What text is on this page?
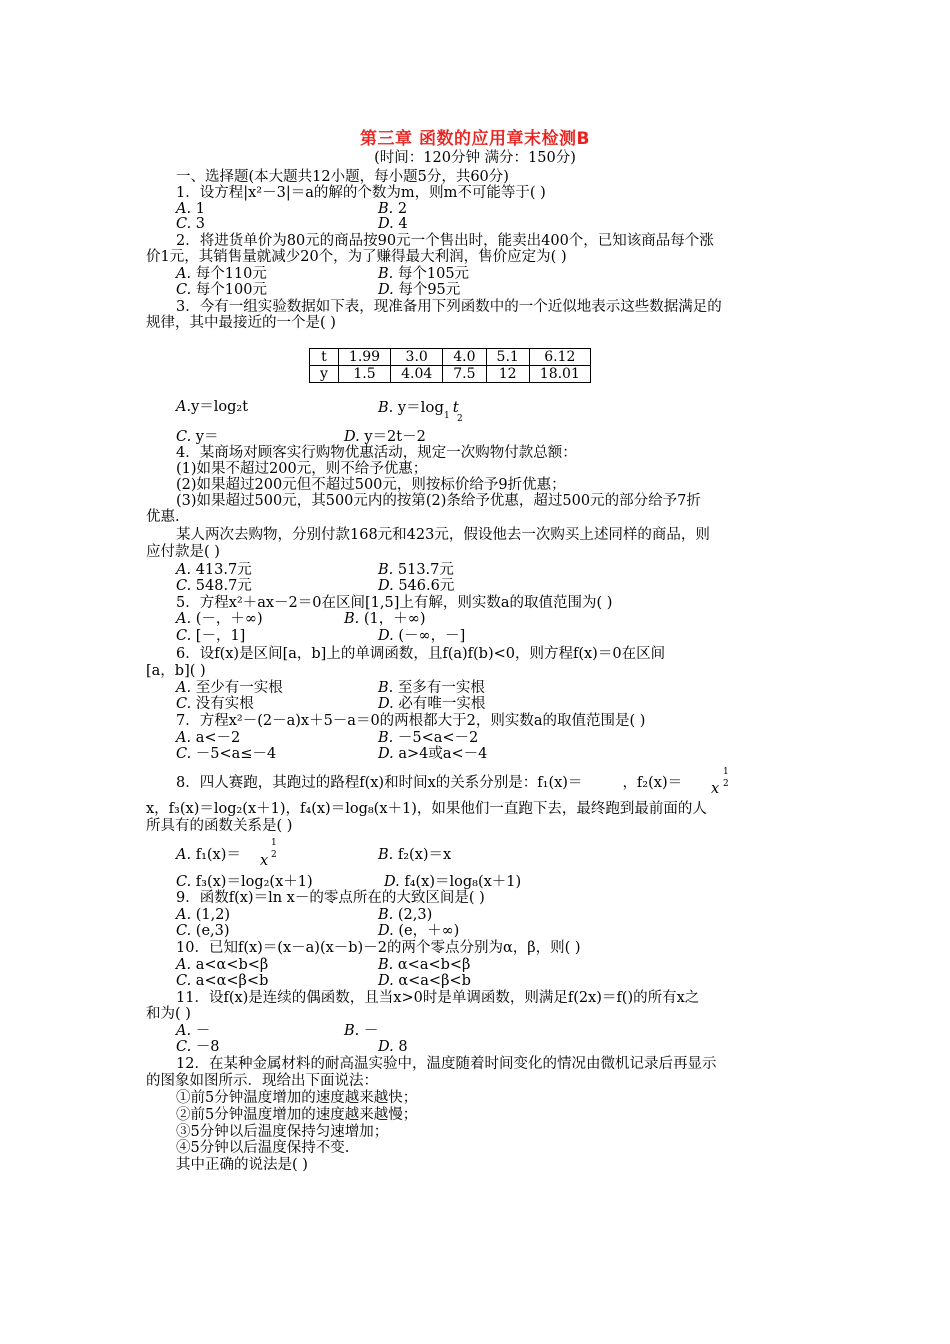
第三章 函数的应用章末检测B
(时间：120分钟 满分：150分)
一、选择题(本大题共12小题，每小题5分，共60分)
1．设方程|x²－3|＝a的解的个数为m，则m不可能等于( )
A. 1	B. 2
C. 3	D. 4
2．将进货单价为80元的商品按90元一个售出时，能卖出400个，已知该商品每个涨
价1元，其销售量就减少20个，为了赚得最大利润，售价应定为( )
A. 每个110元	B. 每个105元
C. 每个100元	D. 每个95元
3．今有一组实验数据如下表，现准备用下列函数中的一个近似地表示这些数据满足的
规律，其中最接近的一个是( )
t	1.99	3.0	4.0	5.1	6.12
y	1.5	4.04	7.5	12	18.01
A.y＝log₂t	B. $y=\log_1$ t
2
C. y＝	D. y＝2t－2
4．某商场对顾客实行购物优惠活动，规定一次购物付款总额：
(1)如果不超过200元，则不给予优惠；
(2)如果超过200元但不超过500元，则按标价给予9折优惠；
(3)如果超过500元，其500元内的按第(2)条给予优惠，超过500元的部分给予7折
优惠.
某人两次去购物，分别付款168元和423元，假设他去一次购买上述同样的商品，则
应付款是( )
A. 413.7元	B. 513.7元
C. 548.7元	D. 546.6元
5．方程x²＋ax－2＝0在区间[1,5]上有解，则实数a的取值范围为( )
A. (－，＋∞)	B. (1，＋∞)
C. [－，1]	D. (－∞，－]
6．设f(x)是区间[a，b]上的单调函数，且f(a)f(b)<0，则方程f(x)＝0在区间
[a，b]( )
A. 至少有一实根	B. 至多有一实根
C. 没有实根	D. 必有唯一实根
7．方程x²－(2－a)x＋5－a＝0的两根都大于2，则实数a的取值范围是( )
A. a<－2	B. －5<a<－2
C. －5<a≤－4	D. a>4或a<－4
8．四人赛跑，其跑过的路程f(x)和时间x的关系分别是：f₁(x)＝	，f₂(x)＝
1
2
x
x，f₃(x)＝log₂(x＋1)，f₄(x)＝log₈(x＋1)，如果他们一直跑下去，最终跑到最前面的人
所具有的函数关系是( )
A. f₁(x)＝
1
2
x	B. f₂(x)＝x
C. f₃(x)＝log₂(x＋1)	D. f₄(x)＝log₈(x＋1)
9．函数f(x)＝ln x－的零点所在的大致区间是( )
A. (1,2)	B. (2,3)
C. (e,3)	D. (e，＋∞)
10．已知f(x)＝(x－a)(x－b)－2的两个零点分别为α，β，则( )
A. a<α<b<β	B. α<a<b<β
C. a<α<β<b	D. α<a<β<b
11．设f(x)是连续的偶函数，且当x>0时是单调函数，则满足f(2x)＝f()的所有x之
和为( )
A. －	B. －
C. －8	D. 8
12．在某种金属材料的耐高温实验中，温度随着时间变化的情况由微机记录后再显示
的图象如图所示．现给出下面说法：
①前5分钟温度增加的速度越来越快；
②前5分钟温度增加的速度越来越慢；
③5分钟以后温度保持匀速增加；
④5分钟以后温度保持不变.
其中正确的说法是( )
